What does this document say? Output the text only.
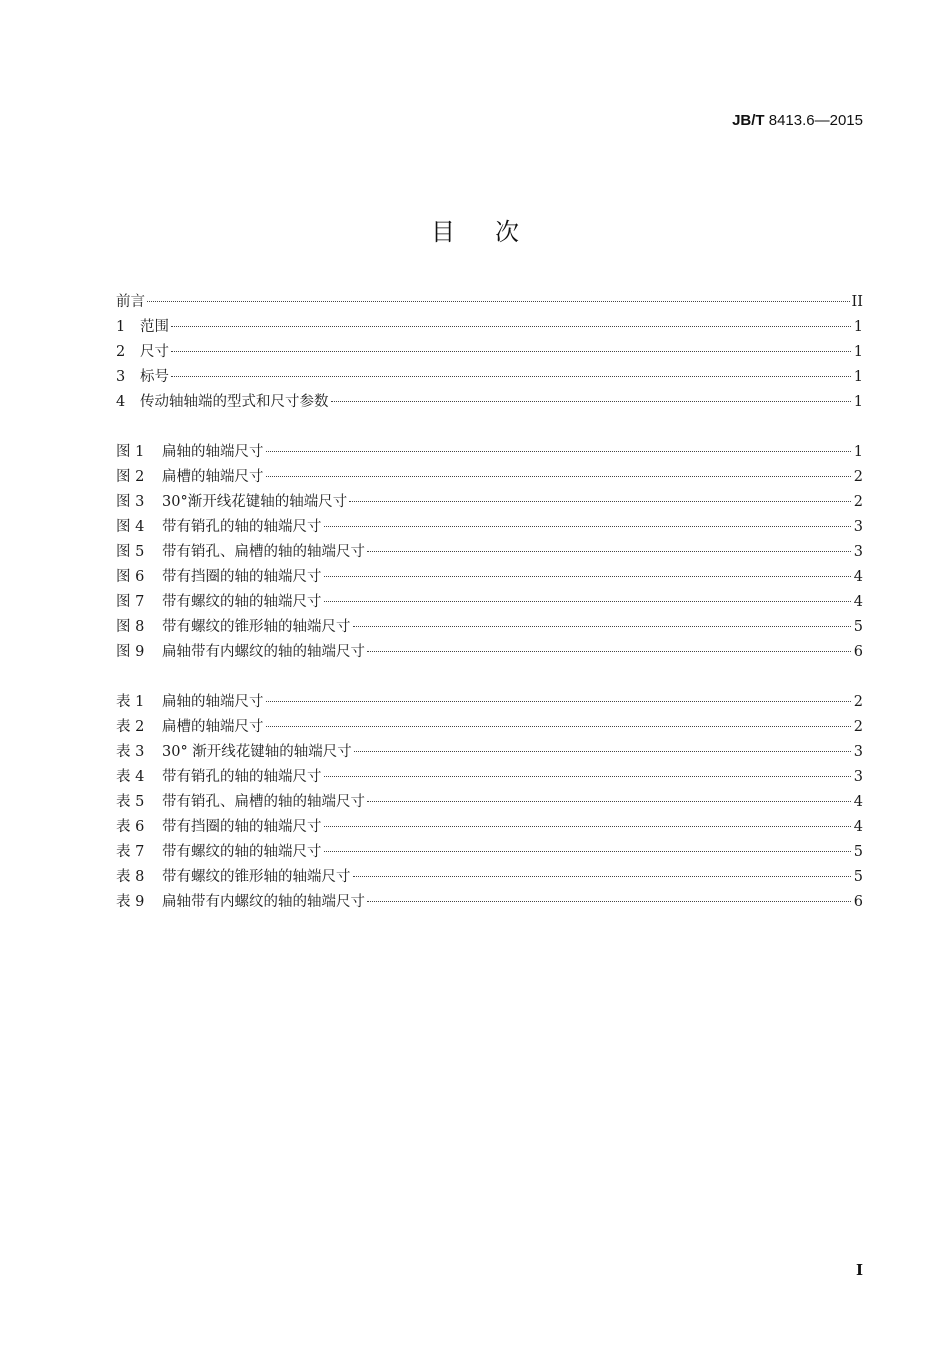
JB/T 8413.6—2015
目次
前言	II
1	范围	1
2	尺寸	1
3	标号	1
4	传动轴轴端的型式和尺寸参数	1
图 1	扁轴的轴端尺寸	1
图 2	扁槽的轴端尺寸	2
图 3	30°渐开线花键轴的轴端尺寸	2
图 4	带有销孔的轴的轴端尺寸	3
图 5	带有销孔、扁槽的轴的轴端尺寸	3
图 6	带有挡圈的轴的轴端尺寸	4
图 7	带有螺纹的轴的轴端尺寸	4
图 8	带有螺纹的锥形轴的轴端尺寸	5
图 9	扁轴带有内螺纹的轴的轴端尺寸	6
表 1	扁轴的轴端尺寸	2
表 2	扁槽的轴端尺寸	2
表 3	30° 渐开线花键轴的轴端尺寸	3
表 4	带有销孔的轴的轴端尺寸	3
表 5	带有销孔、扁槽的轴的轴端尺寸	4
表 6	带有挡圈的轴的轴端尺寸	4
表 7	带有螺纹的轴的轴端尺寸	5
表 8	带有螺纹的锥形轴的轴端尺寸	5
表 9	扁轴带有内螺纹的轴的轴端尺寸	6
I
